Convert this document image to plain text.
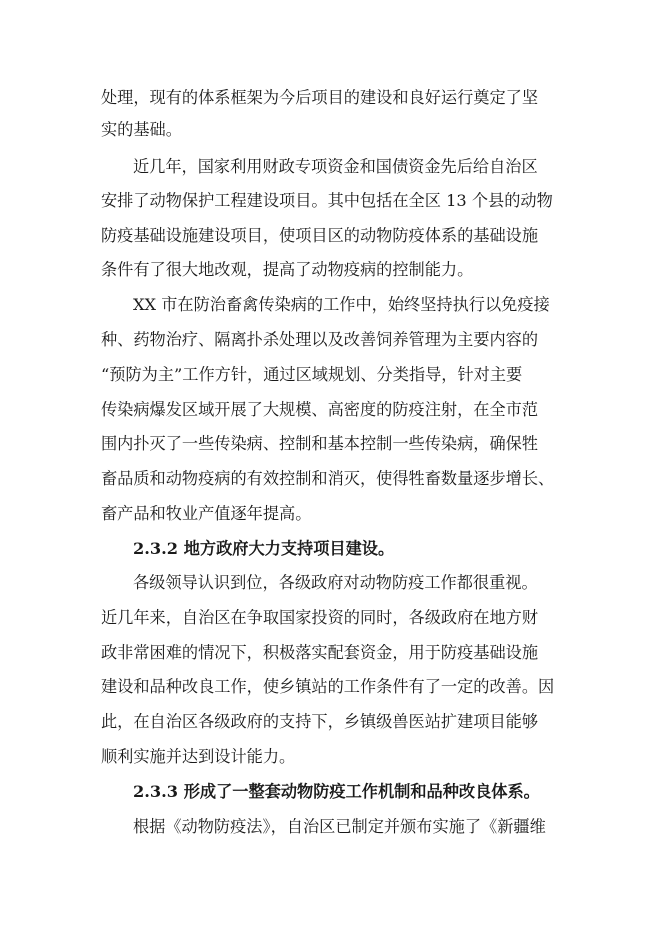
处理，现有的体系框架为今后项目的建设和良好运行奠定了坚
实的基础。
近几年，国家利用财政专项资金和国债资金先后给自治区
安排了动物保护工程建设项目。其中包括在全区 13 个县的动物
防疫基础设施建设项目，使项目区的动物防疫体系的基础设施
条件有了很大地改观，提高了动物疫病的控制能力。
XX 市在防治畜禽传染病的工作中，始终坚持执行以免疫接
种、药物治疗、隔离扑杀处理以及改善饲养管理为主要内容的
“预防为主”工作方针，通过区域规划、分类指导，针对主要
传染病爆发区域开展了大规模、高密度的防疫注射，在全市范
围内扑灭了一些传染病、控制和基本控制一些传染病，确保牲
畜品质和动物疫病的有效控制和消灭，使得牲畜数量逐步增长、
畜产品和牧业产值逐年提高。
2.3.2 地方政府大力支持项目建设。
各级领导认识到位，各级政府对动物防疫工作都很重视。
近几年来，自治区在争取国家投资的同时，各级政府在地方财
政非常困难的情况下，积极落实配套资金，用于防疫基础设施
建设和品种改良工作，使乡镇站的工作条件有了一定的改善。因
此，在自治区各级政府的支持下，乡镇级兽医站扩建项目能够
顺利实施并达到设计能力。
2.3.3 形成了一整套动物防疫工作机制和品种改良体系。
根据《动物防疫法》，自治区已制定并颁布实施了《新疆维
